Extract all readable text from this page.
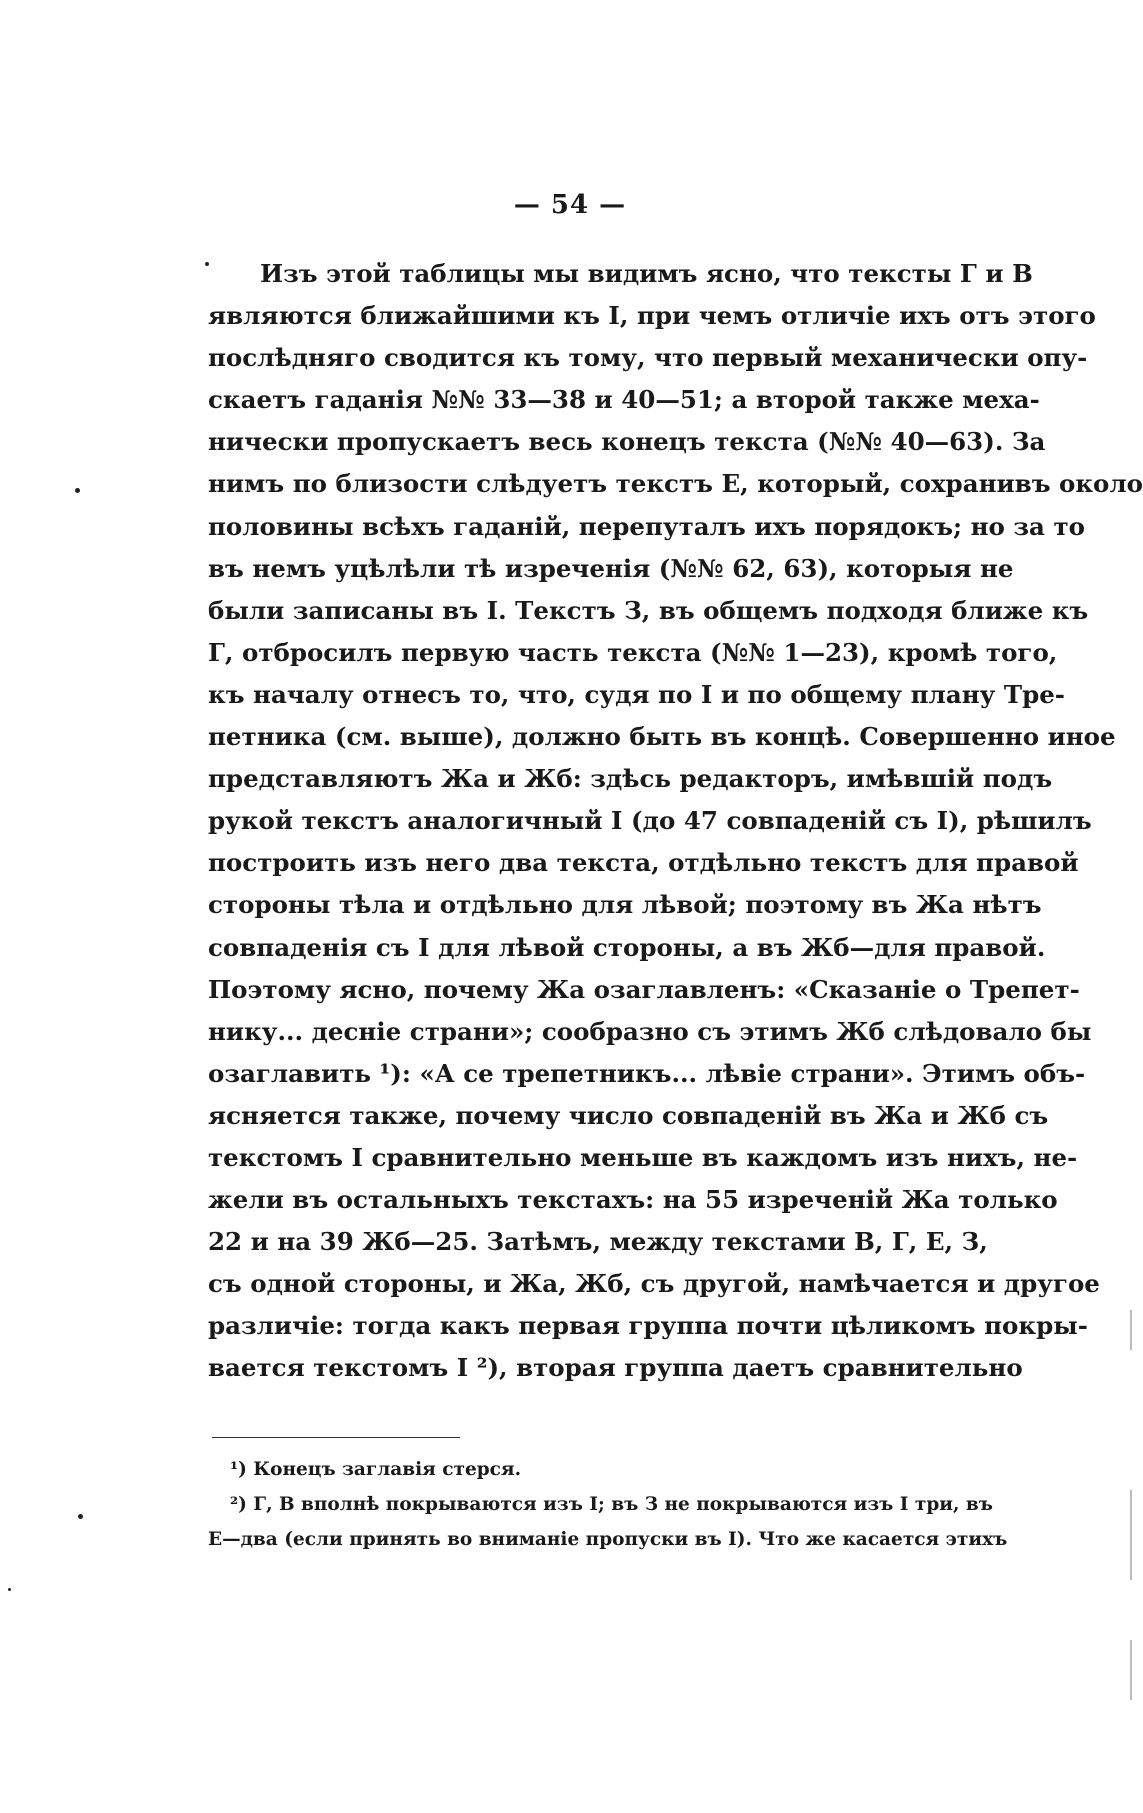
— 54 —
Изъ этой таблицы мы видимъ ясно, что тексты Г и В
являются ближайшими къ I, при чемъ отличіе ихъ отъ этого
послѣдняго сводится къ тому, что первый механически опу-
скаетъ гаданія №№ 33—38 и 40—51; а второй также меха-
нически пропускаетъ весь конецъ текста (№№ 40—63). За
нимъ по близости слѣдуетъ текстъ Е, который, сохранивъ около
половины всѣхъ гаданій, перепуталъ ихъ порядокъ; но за то
въ немъ уцѣлѣли тѣ изреченія (№№ 62, 63), которыя не
были записаны въ I. Текстъ З, въ общемъ подходя ближе къ
Г, отбросилъ первую часть текста (№№ 1—23), кромѣ того,
къ началу отнесъ то, что, судя по I и по общему плану Тре-
петника (см. выше), должно быть въ концѣ. Совершенно иное
представляютъ Жа и Жб: здѣсь редакторъ, имѣвшій подъ
рукой текстъ аналогичный I (до 47 совпаденій съ I), рѣшилъ
построить изъ него два текста, отдѣльно текстъ для правой
стороны тѣла и отдѣльно для лѣвой; поэтому въ Жа нѣтъ
совпаденія съ I для лѣвой стороны, а въ Жб—для правой.
Поэтому ясно, почему Жа озаглавленъ: «Сказаніе о Трепет-
нику... десніе страни»; сообразно съ этимъ Жб слѣдовало бы
озаглавить ¹): «А се трепетникъ... лѣвіе страни». Этимъ объ-
ясняется также, почему число совпаденій въ Жа и Жб съ
текстомъ I сравнительно меньше въ каждомъ изъ нихъ, не-
жели въ остальныхъ текстахъ: на 55 изреченій Жа только
22 и на 39 Жб—25. Затѣмъ, между текстами В, Г, Е, З,
съ одной стороны, и Жа, Жб, съ другой, намѣчается и другое
различіе: тогда какъ первая группа почти цѣликомъ покры-
вается текстомъ I ²), вторая группа даетъ сравнительно
¹) Конецъ заглавія стерся.
²) Г, В вполнѣ покрываются изъ I; въ З не покрываются изъ I три, въ
Е—два (если принять во вниманіе пропуски въ I). Что же касается этихъ
